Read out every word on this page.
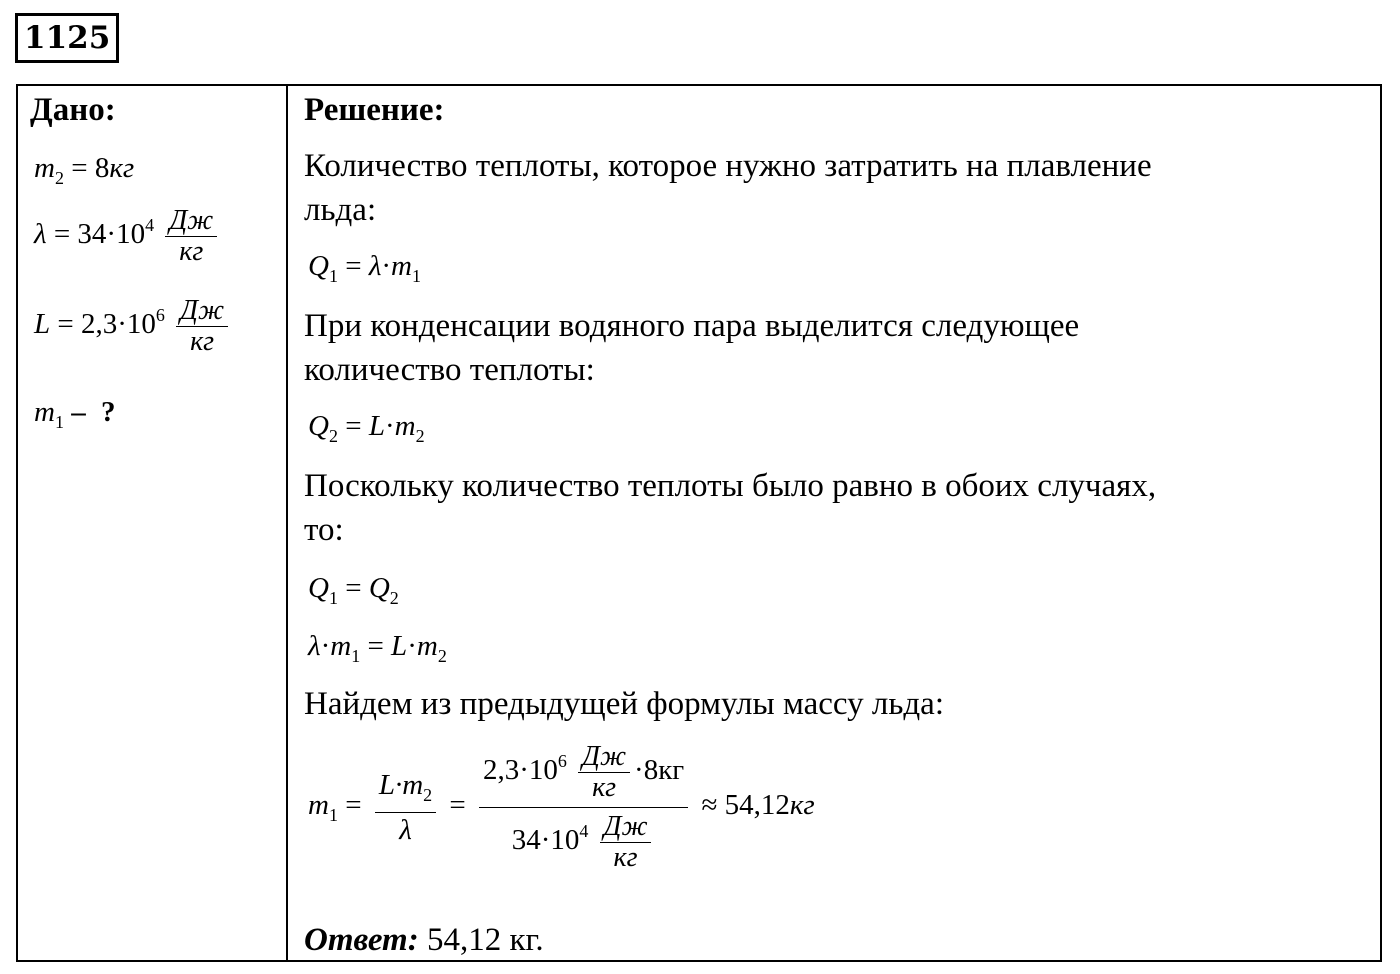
1125
Дано:
$m_2 = 8кг$
$\lambda = 34\cdot 10^4 \frac{Дж}{кг}$
$L = 2,3\cdot 10^6 \frac{Дж}{кг}$
$m_1$ – ?
Решение:
Количество теплоты, которое нужно затратить на плавление
льда:
$Q_1 = \lambda\cdot m_1$
При конденсации водяного пара выделится следующее
количество теплоты:
$Q_2 = L\cdot m_2$
Поскольку количество теплоты было равно в обоих случаях,
то:
$Q_1 = Q_2$
$\lambda\cdot m_1 = L\cdot m_2$
Найдем из предыдущей формулы массу льда:
$m_1 = \frac{L\cdot m_2}{\lambda} = \frac{2,3\cdot 10^6 \frac{Дж}{кг} \cdot 8кг}{34\cdot 10^4 \frac{Дж}{кг}} \approx 54,12кг$
Ответ: 54,12 кг.
